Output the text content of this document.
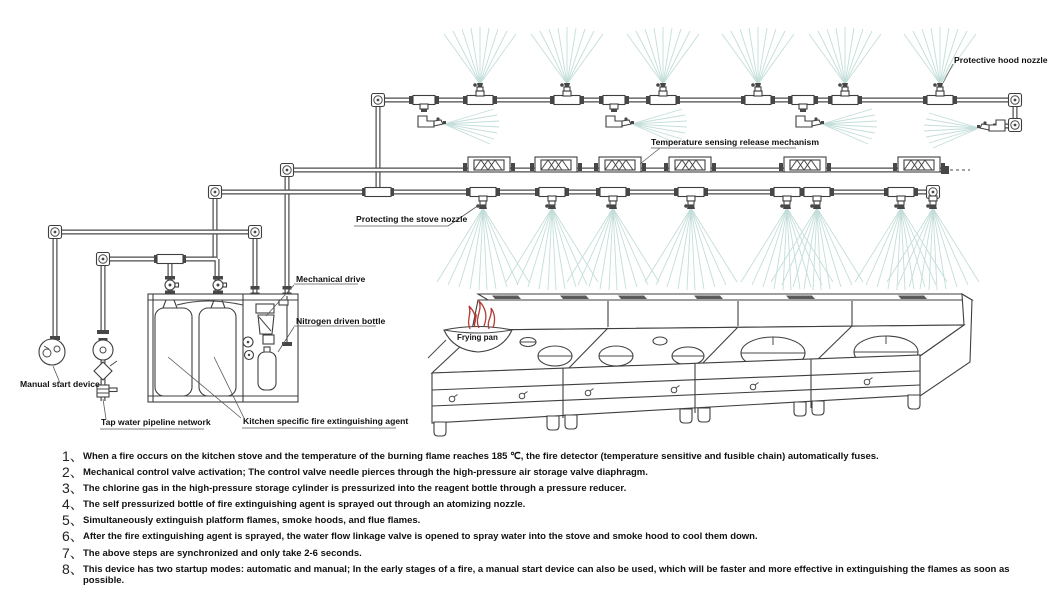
Protective hood nozzle
Temperature sensing release mechanism
Protecting the stove nozzle
Mechanical drive
Nitrogen driven bottle
Manual start device
Tap water pipeline network	Kitchen specific fire extinguishing agent
Frying pan
1、 When a fire occurs on the kitchen stove and the temperature of the burning flame reaches 185 ℃, the fire detector (temperature sensitive and fusible chain) automatically fuses.
2、 Mechanical control valve activation; The control valve needle pierces through the high-pressure air storage valve diaphragm.
3、 The chlorine gas in the high-pressure storage cylinder is pressurized into the reagent bottle through a pressure reducer.
4、 The self pressurized bottle of fire extinguishing agent is sprayed out through an atomizing nozzle.
5、 Simultaneously extinguish platform flames, smoke hoods, and flue flames.
6、 After the fire extinguishing agent is sprayed, the water flow linkage valve is opened to spray water into the stove and smoke hood to cool them down.
7、 The above steps are synchronized and only take 2-6 seconds.
8、 This device has two startup modes: automatic and manual; In the early stages of a fire, a manual start device can also be used, which will be faster and more effective in extinguishing the flames as soon as possible.
